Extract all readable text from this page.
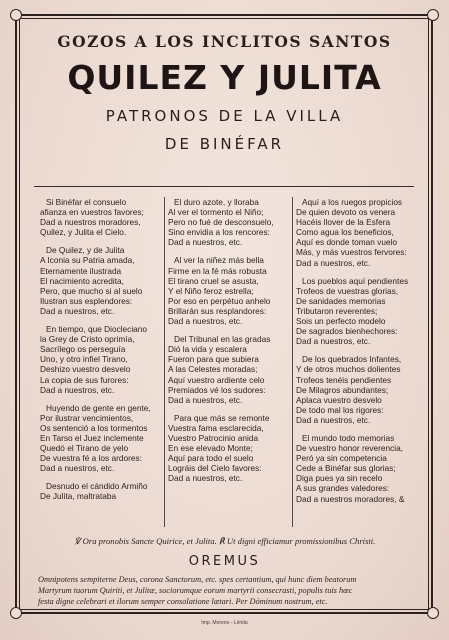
GOZOS A LOS INCLITOS SANTOS
QUILEZ Y JULITA
PATRONOS DE LA VILLA
DE BINÉFAR
Si Binéfar el consuelo
afianza en vuestros favores;
Dad a nuestros moradores,
Quilez, y Julita el Cielo.
De Quilez, y de Julita
A Iconia su Patria amada,
Eternamente ilustrada
El nacimiento acredita,
Pero, que mucho si al suelo
Ilustran sus esplendores:
Dad a nuestros, etc.
En tiempo, que Diocleciano
la Grey de Cristo oprimía,
Sacrílego os perseguía
Uno, y otro infiel Tirano,
Deshizo vuestro desvelo
La copia de sus furores:
Dad a nuestros, etc.
Huyendo de gente en gente,
Por ilustrar vencimientos,
Os sentenció a los tormentos
En Tarso el Juez inclemente
Quedó el Tirano de yelo
De vuestra fé a los ardores:
Dad a nuestros, etc.
Desnudo el cándido Armiño
De Julita, maltrataba
El duro azote, y lloraba
Al ver el tormento el Niño;
Pero no fué de desconsuelo,
Sino envidia a los rencores:
Dad a nuestros, etc.
Al ver la niñez más bella
Firme en la fé más robusta
El tirano cruel se asusta,
Y el Niño feroz estrella;
Por eso en perpétuo anhelo
Brillarán sus resplandores:
Dad a nuestros, etc.
Del Tribunal en las gradas
Dió la vida y escalera
Fueron para que subiera
A las Celestes moradas;
Aquí vuestro ardiente celo
Premiados vé los sudores:
Dad a nuestros, etc.
Para que más se remonte
Vuestra fama esclarecida,
Vuestro Patrocinio anida
En ese elevado Monte;
Aquí para todo el suelo
Lográis del Cielo favores:
Dad a nuestros, etc.
Aquí a los ruegos propicios
De quien devoto os venera
Hacéis llover de la Esfera
Como agua los beneficios,
Aquí es donde toman vuelo
Más, y más vuestros fervores:
Dad a nuestros, etc.
Los pueblos aquí pendientes
Trofeos de vuestras glorias,
De sanidades memorias
Tributaron reverentes;
Sois un perfecto modelo
De sagrados bienhechores:
Dad a nuestros, etc.
De los quebrados Infantes,
Y de otros muchos dolientes
Trofeos tenéis pendientes
De Milagros abundantes;
Aplaca vuestro desvelo
De todo mal los rigores:
Dad a nuestros, etc.
El mundo todo memorias
De vuestro honor reverencia,
Peró ya sin competencia
Cede a Binéfar sus glorias;
Diga pues ya sin recelo
A sus grandes valedores:
Dad a nuestros moradores, &
℣ Ora pronobis Sancte Quirice, et Julita. ℟ Ut digni efficiamur promissionibus Christi.
OREMUS
Omnipotens sempiterne Deus, corona Sanctorum, etc. spes certantium, qui hunc diem beatorum
Martyrum tuorum Quiriti, et Julitæ, sociorumque eorum martyrii consecrasti, populis tuis hœc
festa digne celebrari et ilorum semper consolatione lætari. Per Dóminum nostrum, etc.
Imp. Moreno - Lérida
